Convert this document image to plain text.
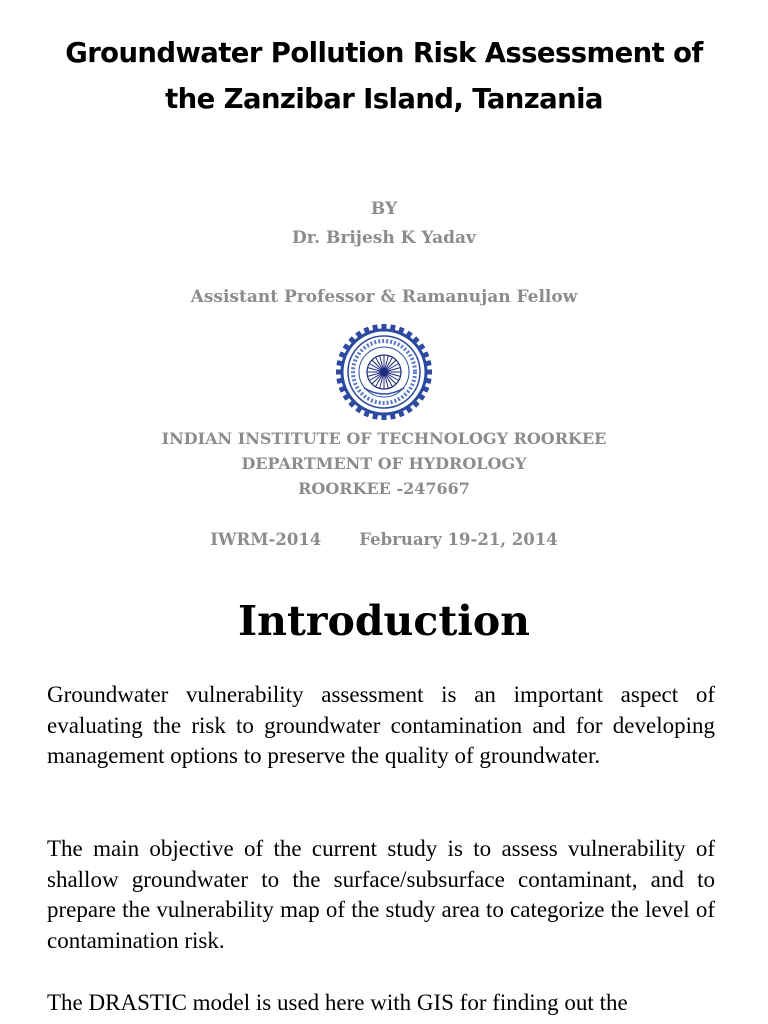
Groundwater Pollution Risk Assessment of
the Zanzibar Island, Tanzania

BY

Dr. Brijesh K Yadav

Assistant Professor & Ramanujan Fellow

INDIAN INSTITUTE OF TECHNOLOGY ROORKEE
DEPARTMENT OF HYDROLOGY
ROORKEE -247667
IWRM-2014 February 19-21, 2014
Introduction

Groundwater vulnerability assessment is an important aspect of evaluating the risk to groundwater contamination and for developing management options to preserve the quality of groundwater.

The main objective of the current study is to assess vulnerability of shallow groundwater to the surface/subsurface contaminant, and to prepare the vulnerability map of the study area to categorize the level of contamination risk.

The DRASTIC model is used here with GIS for finding out the
